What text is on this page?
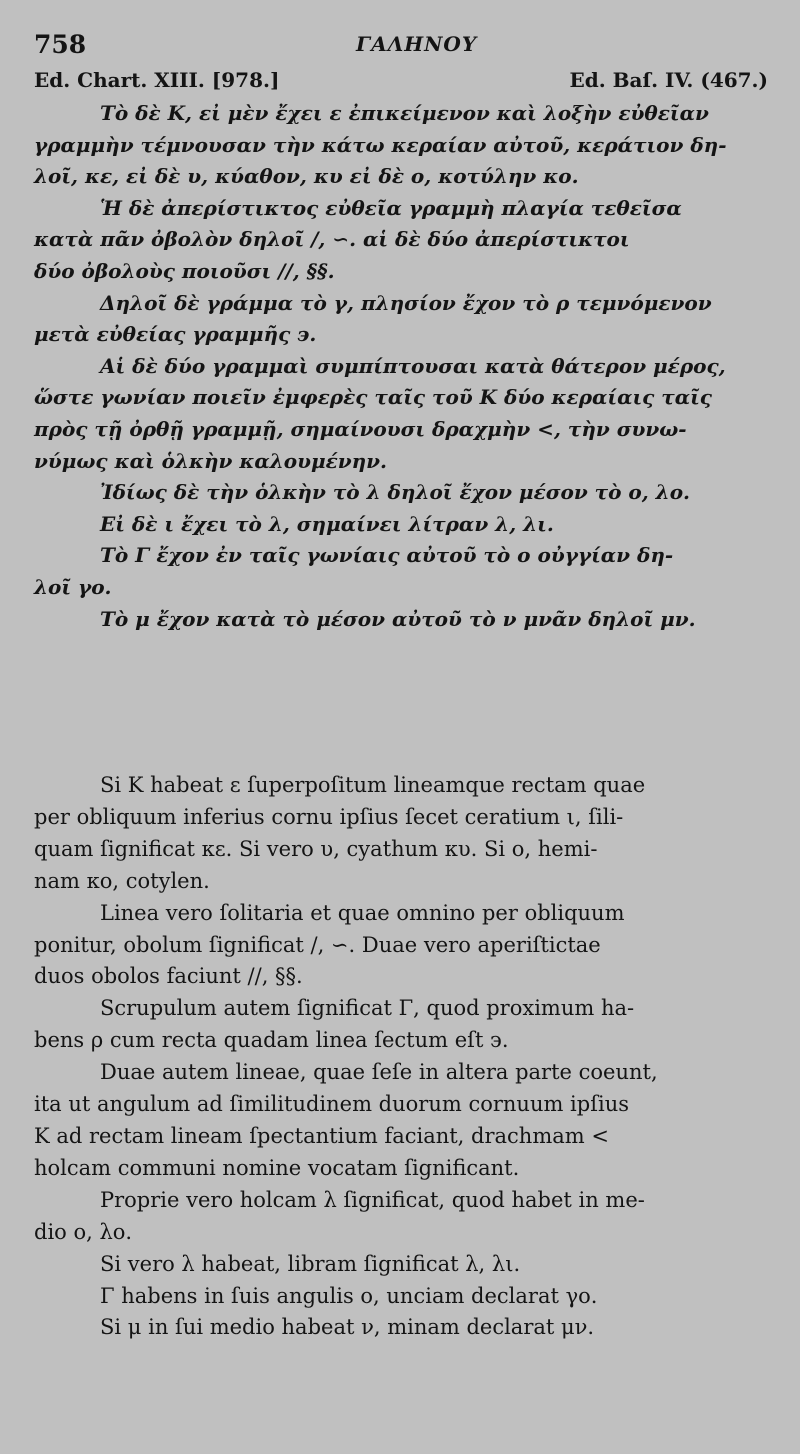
758	ΓΑΛΗΝΟΥ
Ed. Chart. XIII. [978.]	Ed. Baſ. IV. (467.)

Τὸ δὲ Κ, εἰ μὲν ἔχει ε ἐπικείμενον καὶ λοξὴν εὐθεῖαν
γραμμὴν τέμνουσαν τὴν κάτω κεραίαν αὐτοῦ, κεράτιον δη-
λοῖ, κε, εἰ δὲ υ, κύαθον, κυ εἰ δὲ ο, κοτύλην κο.

Ἡ δὲ ἀπερίστικτος εὐθεῖα γραμμὴ πλαγία τεθεῖσα
κατὰ πᾶν ὀβολὸν δηλοῖ /, ∽. αἱ δὲ δύο ἀπερίστικτοι
δύο ὀβολοὺς ποιοῦσι //, §§.

Δηλοῖ δὲ γράμμα τὸ γ, πλησίον ἔχον τὸ ρ τεμνόμενον
μετὰ εὐθείας γραμμῆς ϶.

Αἱ δὲ δύο γραμμαὶ συμπίπτουσαι κατὰ θάτερον μέρος,
ὥστε γωνίαν ποιεῖν ἐμφερὲς ταῖς τοῦ Κ δύο κεραίαις ταῖς
πρὸς τῇ ὀρθῇ γραμμῇ, σημαίνουσι δραχμὴν <, τὴν συνω-
νύμως καὶ ὁλκὴν καλουμένην.

Ἰδίως δὲ τὴν ὁλκὴν τὸ λ δηλοῖ ἔχον μέσον τὸ ο, λο.

Εἰ δὲ ι ἔχει τὸ λ, σημαίνει λίτραν λ, λι.

Τὸ Γ ἔχον ἐν ταῖς γωνίαις αὐτοῦ τὸ ο οὐγγίαν δη-
λοῖ γο.

Τὸ μ ἔχον κατὰ τὸ μέσον αὐτοῦ τὸ ν μνᾶν δηλοῖ μν.

Si K habeat ε ſuperpoſitum lineamque rectam quae
per obliquum inferius cornu ipſius ſecet ceratium ι, ſili-
quam ſignificat κε. Si vero υ, cyathum κυ. Si ο, hemi-
nam κο, cotylen.

Linea vero ſolitaria et quae omnino per obliquum
ponitur, obolum ſignificat /, ∽. Duae vero aperiſtictae
duos obolos faciunt //, §§.

Scrupulum autem ſignificat Γ, quod proximum ha-
bens ρ cum recta quadam linea ſectum eſt ϶.

Duae autem lineae, quae ſeſe in altera parte coeunt,
ita ut angulum ad ſimilitudinem duorum cornuum ipſius
K ad rectam lineam ſpectantium faciant, drachmam <
holcam communi nomine vocatam ſignificant.

Proprie vero holcam λ ſignificat, quod habet in me-
dio ο, λο.

Si vero λ habeat, libram ſignificat λ, λι.

Γ habens in ſuis angulis ο, unciam declarat γο.

Si μ in ſui medio habeat ν, minam declarat μν.
